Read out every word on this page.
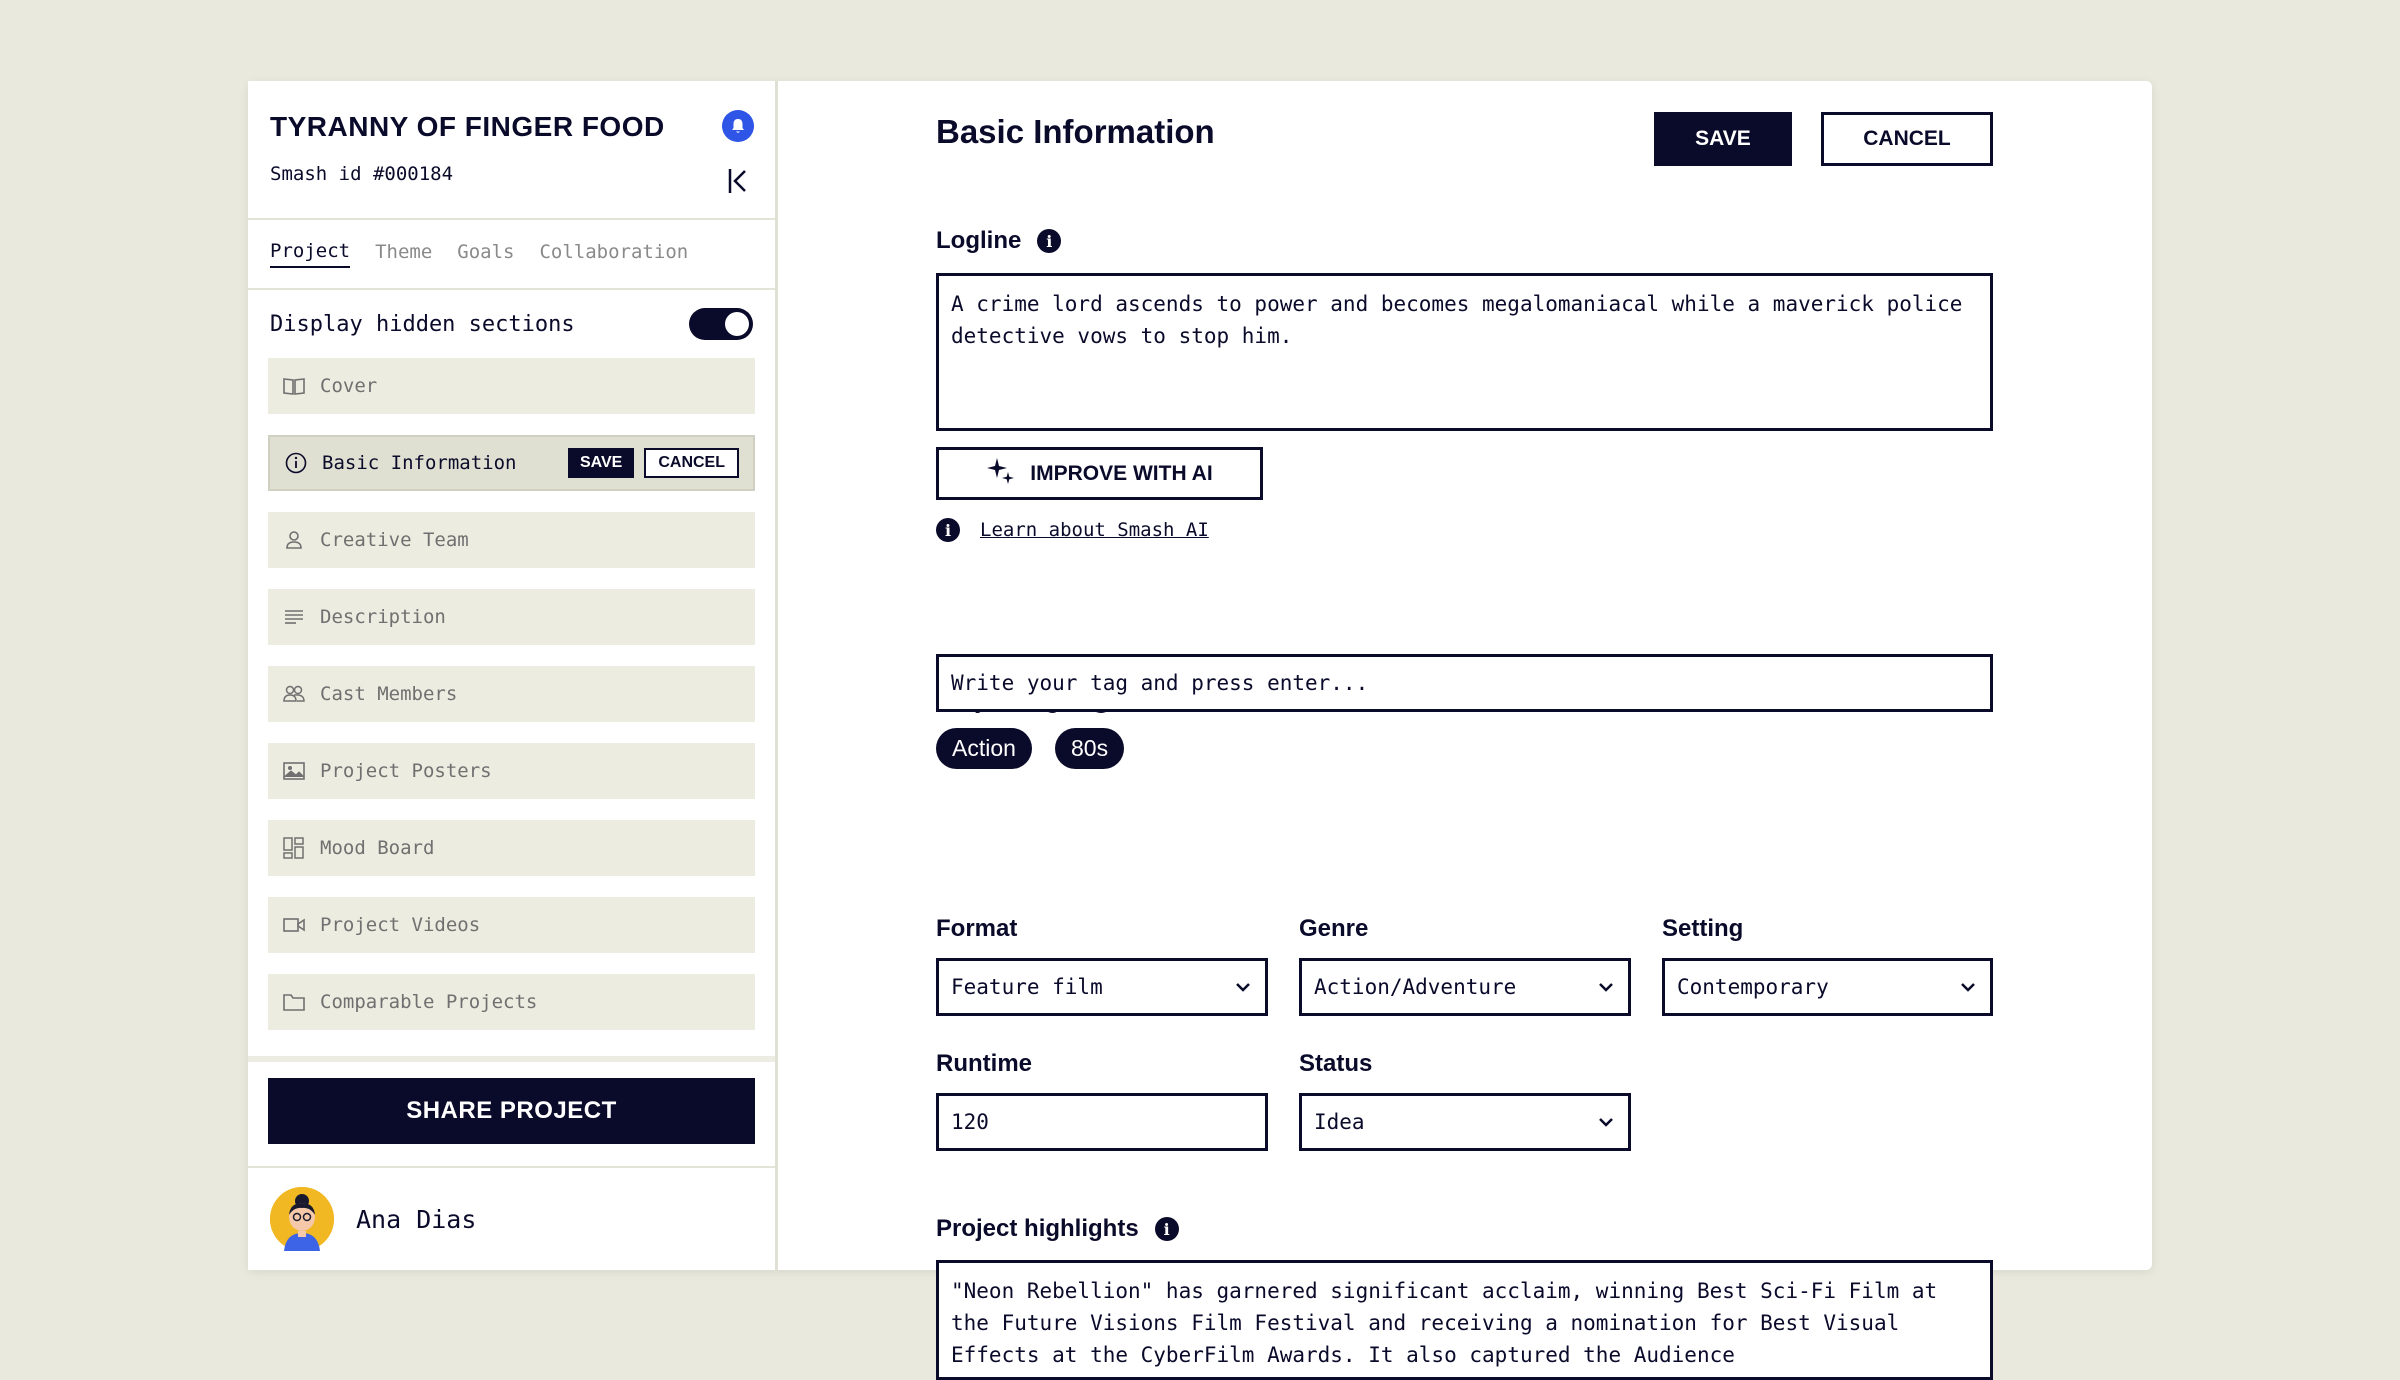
TYRANNY OF FINGER FOOD
Smash id #000184
Project Theme Goals Collaboration
Display hidden sections
Cover
Basic Information	SAVE	CANCEL
Creative Team
Description
Cast Members
Project Posters
Mood Board
Project Videos
Comparable Projects
SHARE PROJECT
Ana Dias
Basic Information	SAVE	CANCEL
Logline	i
A crime lord ascends to power and becomes megalomaniacal while a maverick police detective vows to stop him.
IMPROVE WITH AI
i	Learn about Smash AI
Write your tag and press enter...
Action	80s
Format
Feature film
Genre
Action/Adventure
Setting
Contemporary
Runtime
120
Status
Idea
Project highlights	i
"Neon Rebellion" has garnered significant acclaim, winning Best Sci-Fi Film at the Future Visions Film Festival and receiving a nomination for Best Visual Effects at the CyberFilm Awards. It also captured the Audience
